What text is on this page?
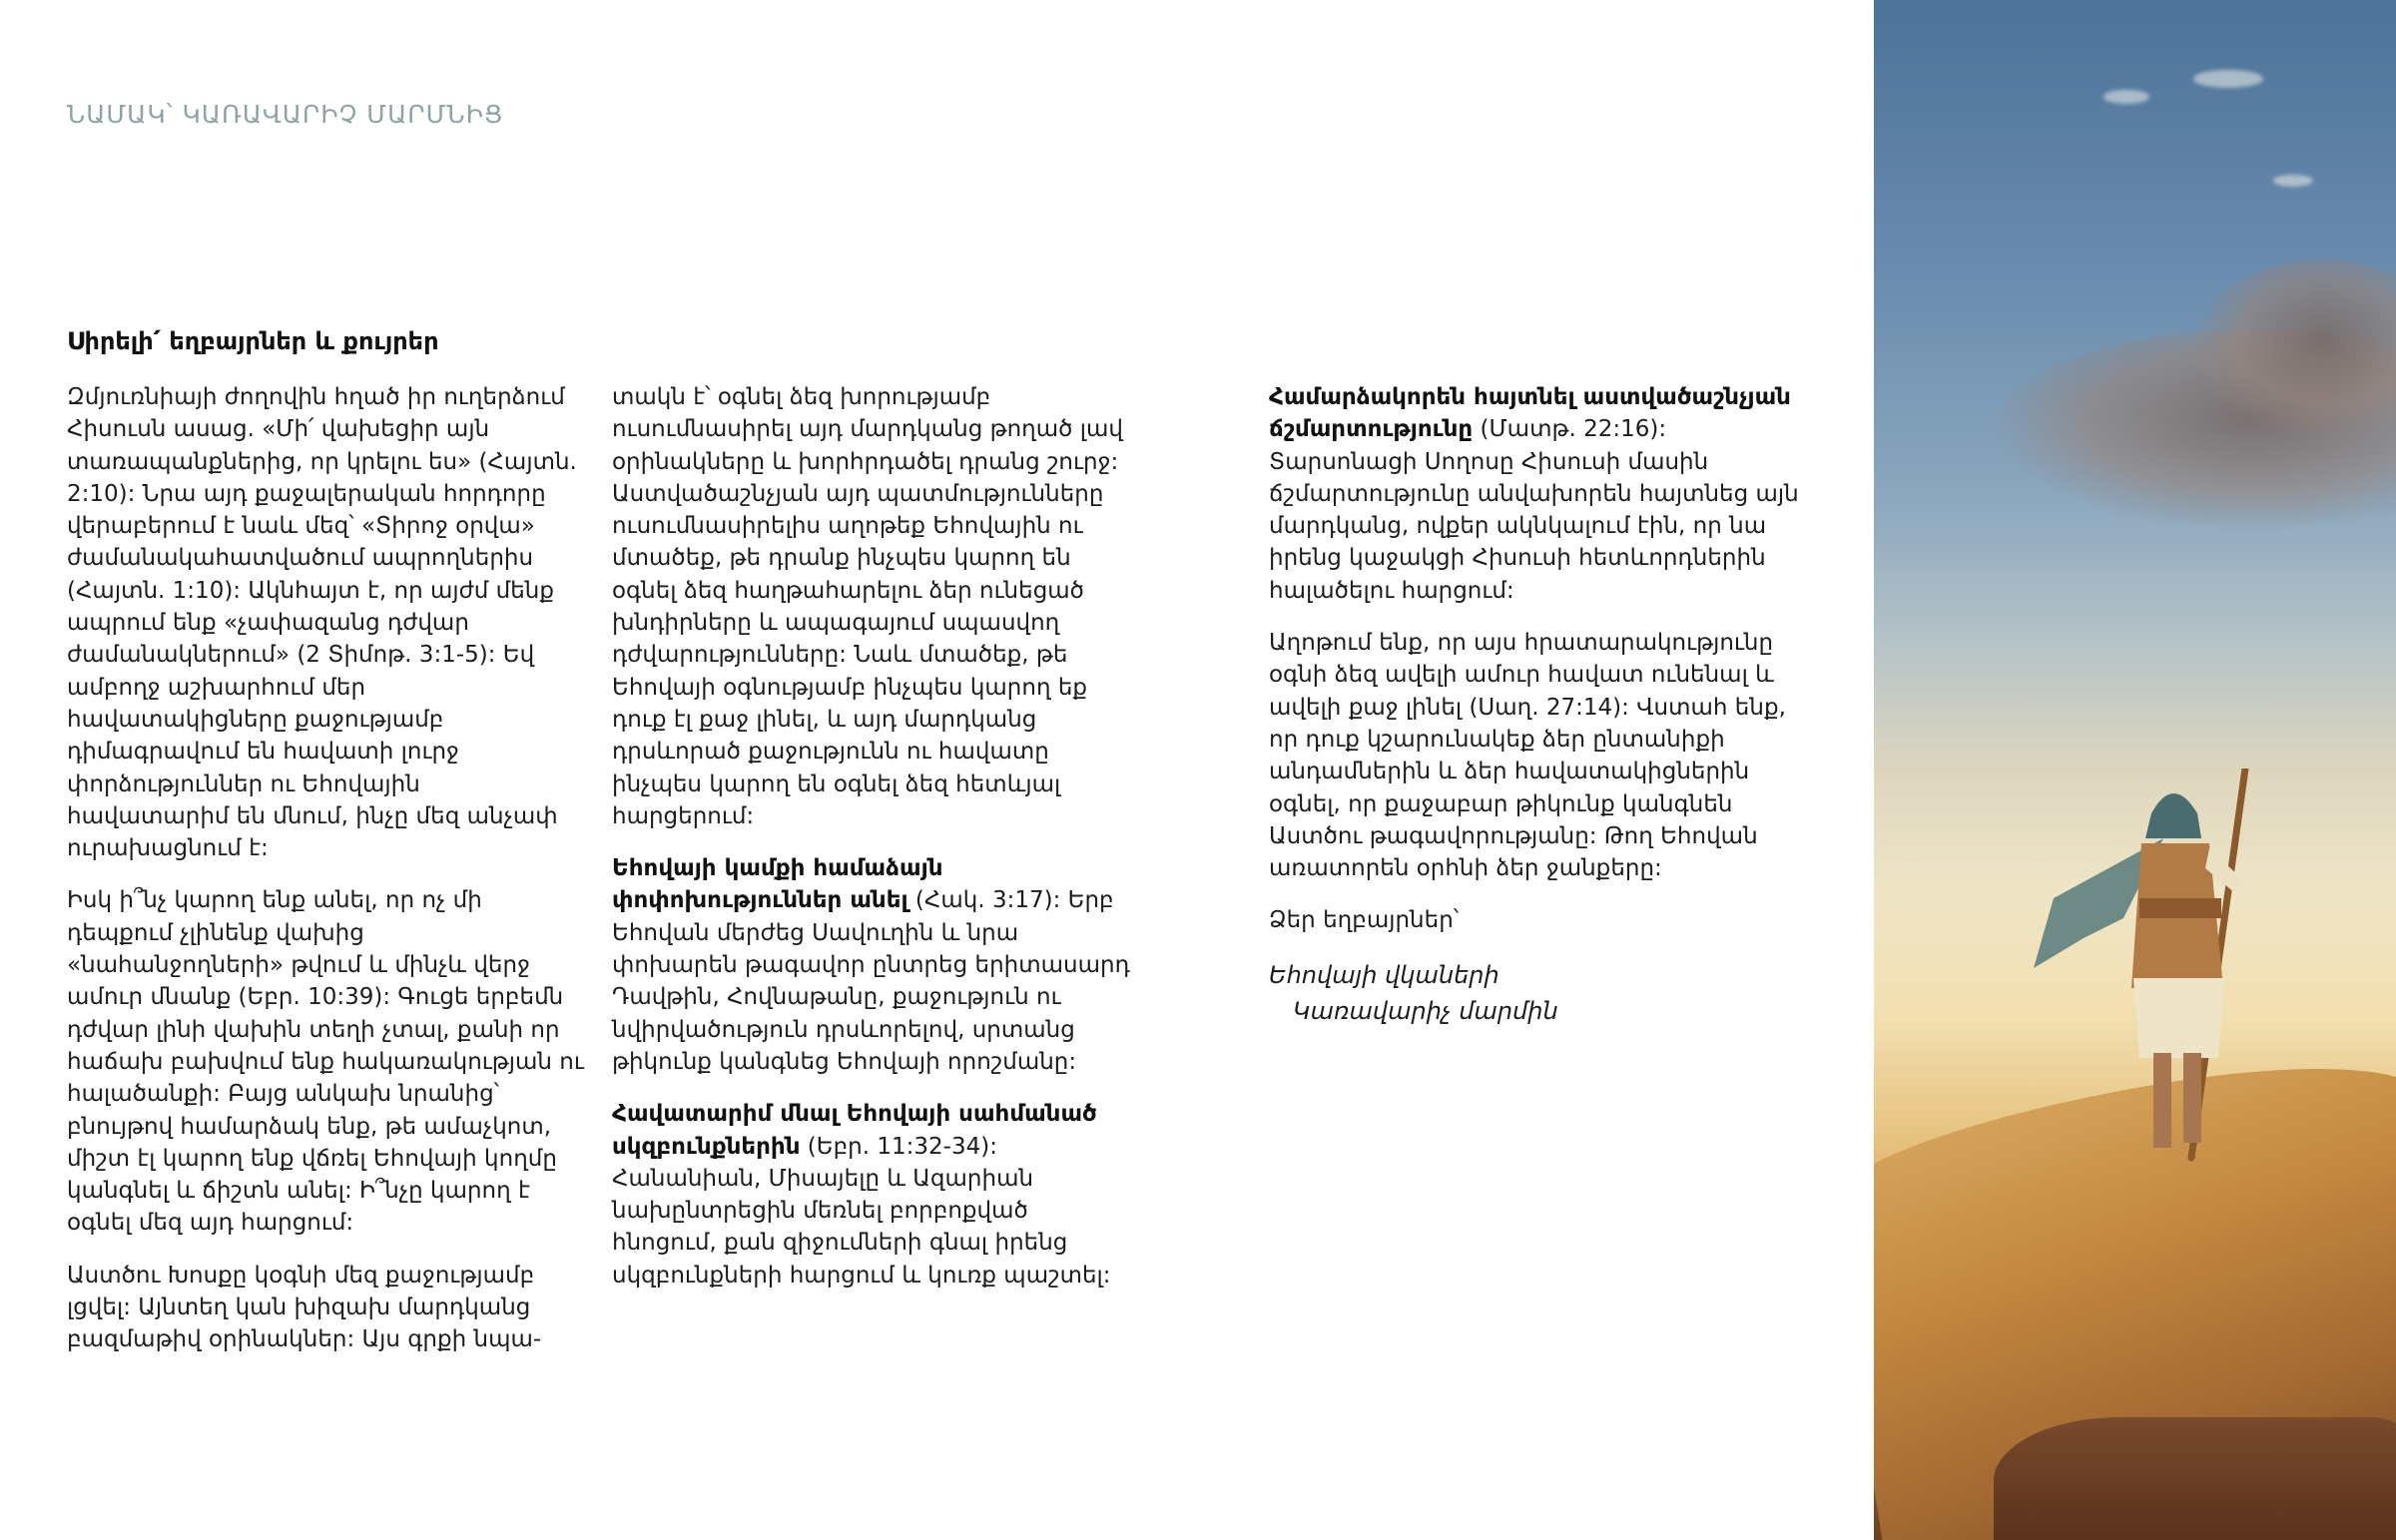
ՆԱՄԱԿ՝ ԿԱՌԱՎԱՐԻՉ ՄԱՐՄՆԻՑ
Սիրելի՛ եղբայրներ և քույրեր

Զմյուռնիայի ժողովին հղած իր ուղերձում Հիսուսն ասաց. «Մի՛ վախեցիր այն տառապանքներից, որ կրելու ես» (Հայտն. 2:10): Նրա այդ քաջալերական հորդորը վերաբերում է նաև մեզ՝ «Տիրոջ օրվա» ժամանակահատվածում ապրողներիս (Հայտն. 1:10): Ակնհայտ է, որ այժմ մենք ապրում ենք «չափազանց դժվար ժամանակներում» (2 Տիմոթ. 3:1-5): Եվ ամբողջ աշխարհում մեր հավատակիցները քաջությամբ դիմագրավում են հավատի լուրջ փորձություններ ու Եհովային հավատարիմ են մնում, ինչը մեզ անչափ ուրախացնում է:

Իսկ ի՞նչ կարող ենք անել, որ ոչ մի դեպքում չլինենք վախից «նահանջողների» թվում և մինչև վերջ ամուր մնանք (Եբր. 10:39): Գուցե երբեմն դժվար լինի վախին տեղի չտալ, քանի որ հաճախ բախվում ենք հակառակության ու հալածանքի: Բայց անկախ նրանից՝ բնույթով համարձակ ենք, թե ամաչկոտ, միշտ էլ կարող ենք վճռել Եհովայի կողմը կանգնել և ճիշտն անել: Ի՞նչը կարող է օգնել մեզ այդ հարցում:

Աստծու Խոսքը կօգնի մեզ քաջությամբ լցվել: Այնտեղ կան խիզախ մարդկանց բազմաթիվ օրինակներ: Այս գրքի նպա-

տակն է՝ օգնել ձեզ խորությամբ ուսումնասիրել այդ մարդկանց թողած լավ օրինակները և խորհրդածել դրանց շուրջ: Աստվածաշնչյան այդ պատմությունները ուսումնասիրելիս աղոթեք Եհովային ու մտածեք, թե դրանք ինչպես կարող են օգնել ձեզ հաղթահարելու ձեր ունեցած խնդիրները և ապագայում սպասվող դժվարությունները: Նաև մտածեք, թե Եհովայի օգնությամբ ինչպես կարող եք դուք էլ քաջ լինել, և այդ մարդկանց դրսևորած քաջությունն ու հավատը ինչպես կարող են օգնել ձեզ հետևյալ հարցերում:

Եհովայի կամքի համաձայն փոփոխություններ անել (Հակ. 3:17): Երբ Եհովան մերժեց Սավուղին և նրա փոխարեն թագավոր ընտրեց երիտասարդ Դավթին, Հովնաթանը, քաջություն ու նվիրվածություն դրսևորելով, սրտանց թիկունք կանգնեց Եհովայի որոշմանը:

Հավատարիմ մնալ Եհովայի սահմանած սկզբունքներին (Եբր. 11:32-34): Հանանիան, Միսայելը և Ազարիան նախընտրեցին մեռնել բորբոքված հնոցում, քան զիջումների գնալ իրենց սկզբունքների հարցում և կուռք պաշտել:

Համարձակորեն հայտնել աստվածաշնչյան ճշմարտությունը (Մատթ. 22:16): Տարսոնացի Սողոսը Հիսուսի մասին ճշմարտությունը անվախորեն հայտնեց այն մարդկանց, ովքեր ակնկալում էին, որ նա իրենց կաջակցի Հիսուսի հետևորդներին հալածելու հարցում:

Աղոթում ենք, որ այս հրատարակությունը օգնի ձեզ ավելի ամուր հավատ ունենալ և ավելի քաջ լինել (Սաղ. 27:14): Վստահ ենք, որ դուք կշարունակեք ձեր ընտանիքի անդամներին և ձեր հավատակիցներին օգնել, որ քաջաբար թիկունք կանգնեն Աստծու թագավորությանը: Թող Եհովան առատորեն օրհնի ձեր ջանքերը:

Ձեր եղբայրներ՝

Եհովայի վկաների
Կառավարիչ մարմին
